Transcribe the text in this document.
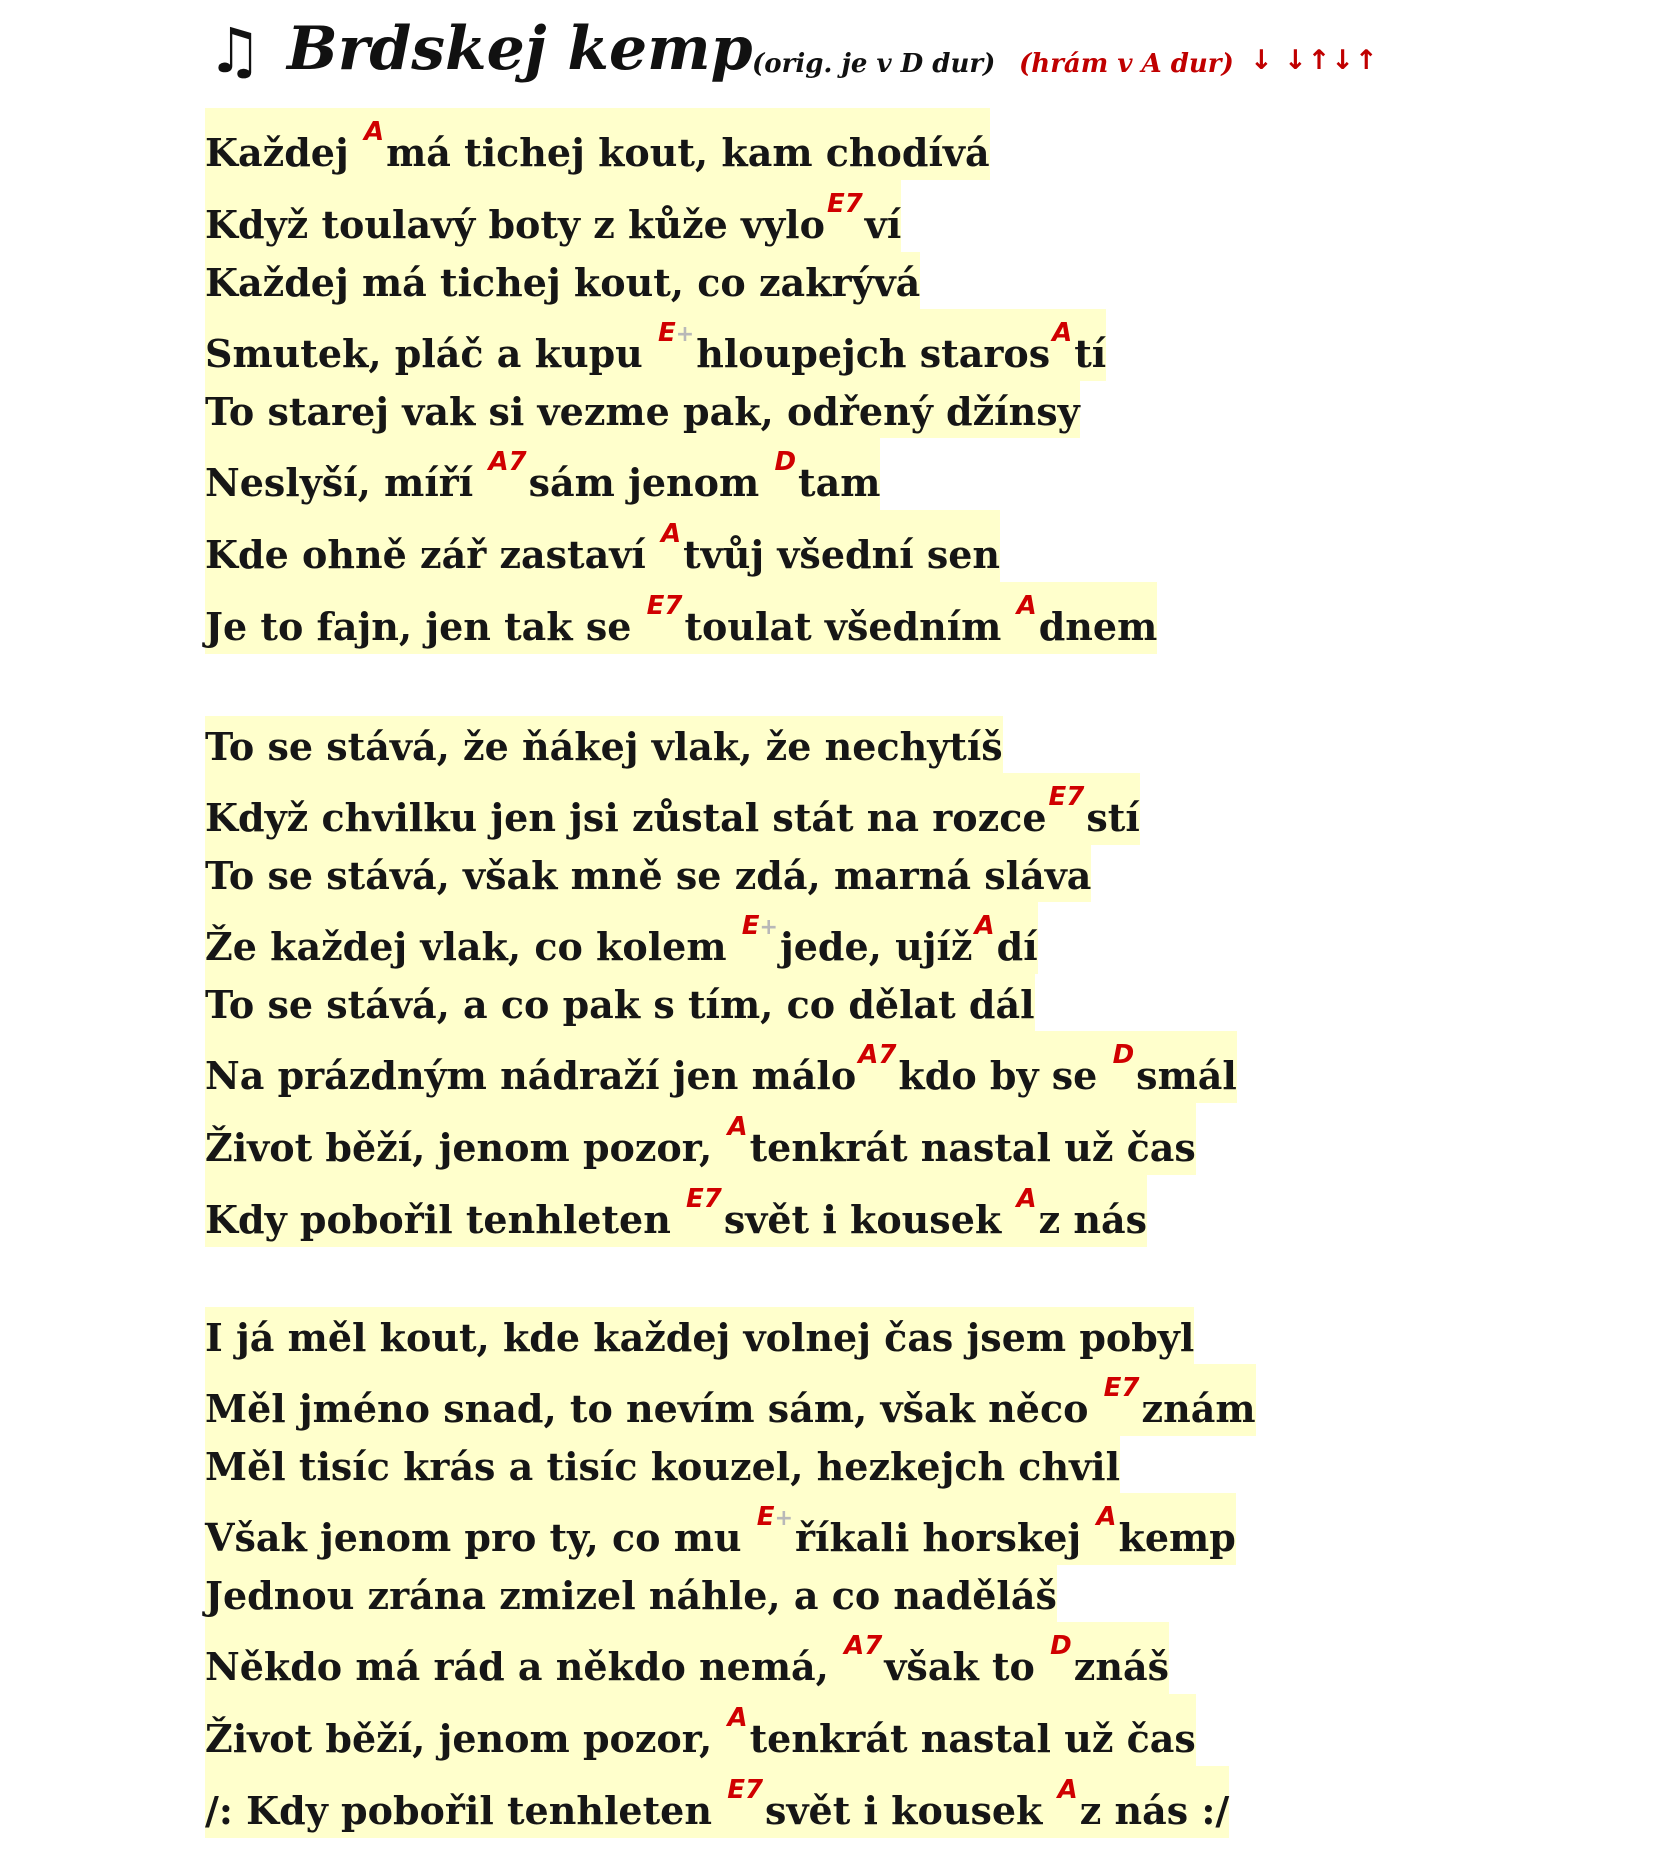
♫ Brdskej kemp (orig. je v D dur) (hrám v A dur) ↓ ↓↑↓↑
Každej Amá tichej kout, kam chodívá
Když toulavý boty z kůže vyloE7ví
Každej má tichej kout, co zakrývá
Smutek, pláč a kupu E+hloupejch starosAtí
To starej vak si vezme pak, odřený džínsy
Neslyší, míří A7sám jenom Dtam
Kde ohně zář zastaví Atvůj všední sen
Je to fajn, jen tak se E7toulat všedním Adnem
To se stává, že ňákej vlak, že nechytíš
Když chvilku jen jsi zůstal stát na rozceE7stí
To se stává, však mně se zdá, marná sláva
Že každej vlak, co kolem E+jede, ujížAdí
To se stává, a co pak s tím, co dělat dál
Na prázdným nádraží jen máloA7kdo by se Dsmál
Život běží, jenom pozor, Atenkrát nastal už čas
Kdy pobořil tenhleten E7svět i kousek Az nás
I já měl kout, kde každej volnej čas jsem pobyl
Měl jméno snad, to nevím sám, však něco E7znám
Měl tisíc krás a tisíc kouzel, hezkejch chvil
Však jenom pro ty, co mu E+říkali horskej Akemp
Jednou zrána zmizel náhle, a co naděláš
Někdo má rád a někdo nemá, A7však to Dznáš
Život běží, jenom pozor, Atenkrát nastal už čas
/: Kdy pobořil tenhleten E7svět i kousek Az nás :/
